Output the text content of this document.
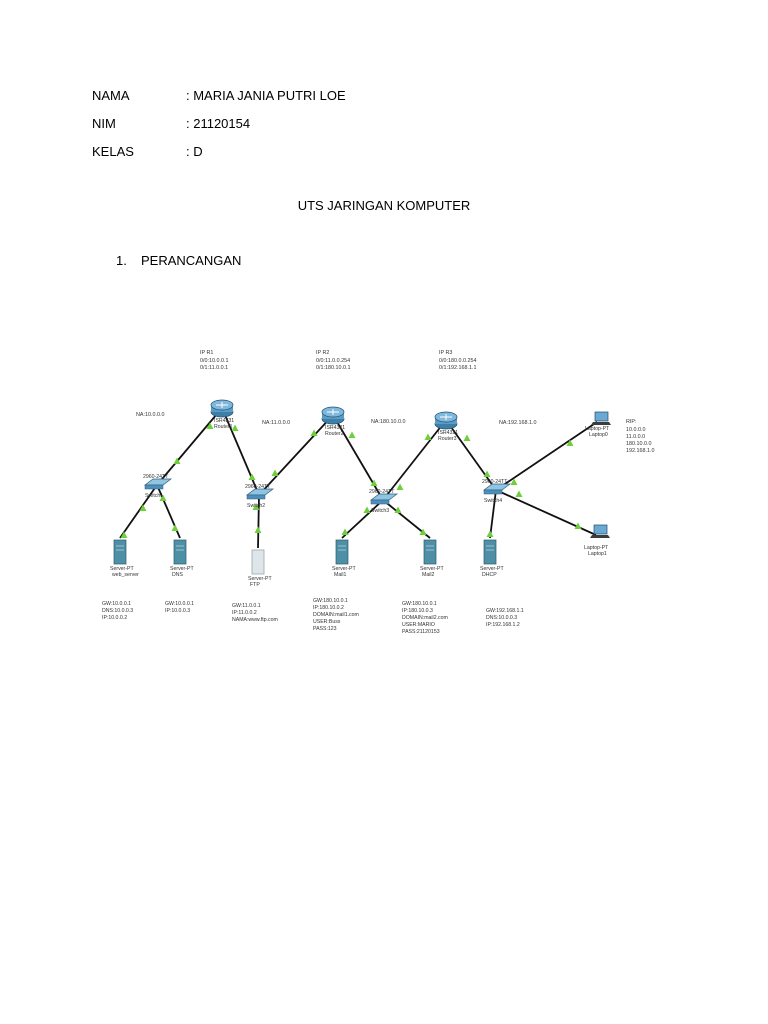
NAMA	: MARIA JANIA PUTRI LOE
NIM	: 21120154
KELAS	: D
UTS JARINGAN KOMPUTER
1. PERANCANGAN
ISR4331
Router1
IP R1
0/0:10.0.0.1
0/1:11.0.0.1
ISR4321
Router2
IP R2
0/0:11.0.0.254
0/1:180.10.0.1
ISR4321
Router3
IP R3
0/0:180.0.0.254
0/1:192.168.1.1
NA:10.0.0.0
NA:11.0.0.0	NA:180.10.0.0	NA:192.168.1.0
2960-24TT
Switch1
2960-24TT
Switch2
2960-24TT
Switch3
2960-24TT
Switch4
Server-PT
web_server
GW:10.0.0.1
DNS:10.0.0.3
IP:10.0.0.2
Server-PT
DNS
GW:10.0.0.1
IP:10.0.0.3
Server-PT
FTP
GW:11.0.0.1
IP:11.0.0.2
NAMA:www.ftp.com
Server-PT
Mail1
GW:180.10.0.1
IP:180.10.0.2
DOMAIN:mail1.com
USER:Buss
PASS:123
Server-PT
Mail2
GW:180.10.0.1
IP:180.10.0.3
DOMAIN:mail2.com
USER:MARIO
PASS:21120153
Server-PT
DHCP
GW:192.168.1.1
DNS:10.0.0.3
IP:192.168.1.2
Laptop-PT
Laptop0
Laptop-PT
Laptop1
RIP:
10.0.0.0
11.0.0.0
180.10.0.0
192.168.1.0
